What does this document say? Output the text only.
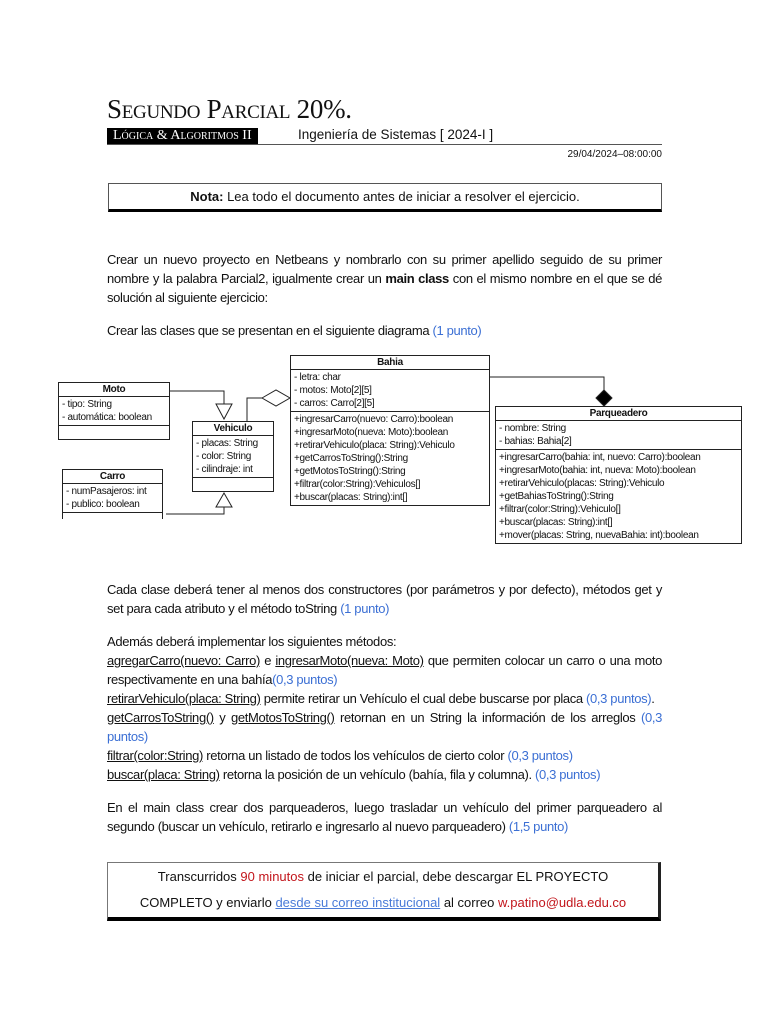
Segundo Parcial 20%.
Lógica & Algoritmos II	Ingeniería de Sistemas [ 2024-I ]
29/04/2024–08:00:00
Nota: Lea todo el documento antes de iniciar a resolver el ejercicio.
Crear un nuevo proyecto en Netbeans y nombrarlo con su primer apellido seguido de su primer nombre y la palabra Parcial2, igualmente crear un main class con el mismo nombre en el que se dé solución al siguiente ejercicio:
Crear las clases que se presentan en el siguiente diagrama (1 punto)
Moto
- tipo: String
- automática: boolean
Vehiculo
- placas: String
- color: String
- cilindraje: int
Carro
- numPasajeros: int
- publico: boolean
Bahia
- letra: char
- motos: Moto[2][5]
- carros: Carro[2][5]
+ingresarCarro(nuevo: Carro):boolean
+ingresarMoto(nueva: Moto):boolean
+retirarVehiculo(placa: String):Vehiculo
+getCarrosToString():String
+getMotosToString():String
+filtrar(color:String):Vehiculos[]
+buscar(placas: String):int[]
Parqueadero
- nombre: String
- bahias: Bahia[2]
+ingresarCarro(bahia: int, nuevo: Carro):boolean
+ingresarMoto(bahia: int, nueva: Moto):boolean
+retirarVehiculo(placas: String):Vehiculo
+getBahiasToString():String
+filtrar(color:String):Vehiculo[]
+buscar(placas: String):int[]
+mover(placas: String, nuevaBahia: int):boolean
Cada clase deberá tener al menos dos constructores (por parámetros y por defecto), métodos get y set para cada atributo y el método toString (1 punto)
Además deberá implementar los siguientes métodos:
agregarCarro(nuevo: Carro) e ingresarMoto(nueva: Moto) que permiten colocar un carro o una moto respectivamente en una bahía(0,3 puntos)
retirarVehiculo(placa: String) permite retirar un Vehículo el cual debe buscarse por placa (0,3 puntos).
getCarrosToString() y getMotosToString() retornan en un String la información de los arreglos (0,3 puntos)
filtrar(color:String) retorna un listado de todos los vehículos de cierto color (0,3 puntos)
buscar(placa: String) retorna la posición de un vehículo (bahía, fila y columna). (0,3 puntos)
En el main class crear dos parqueaderos, luego trasladar un vehículo del primer parqueadero al segundo (buscar un vehículo, retirarlo e ingresarlo al nuevo parqueadero) (1,5 punto)
Transcurridos 90 minutos de iniciar el parcial, debe descargar EL PROYECTO
COMPLETO y enviarlo desde su correo institucional al correo w.patino@udla.edu.co
